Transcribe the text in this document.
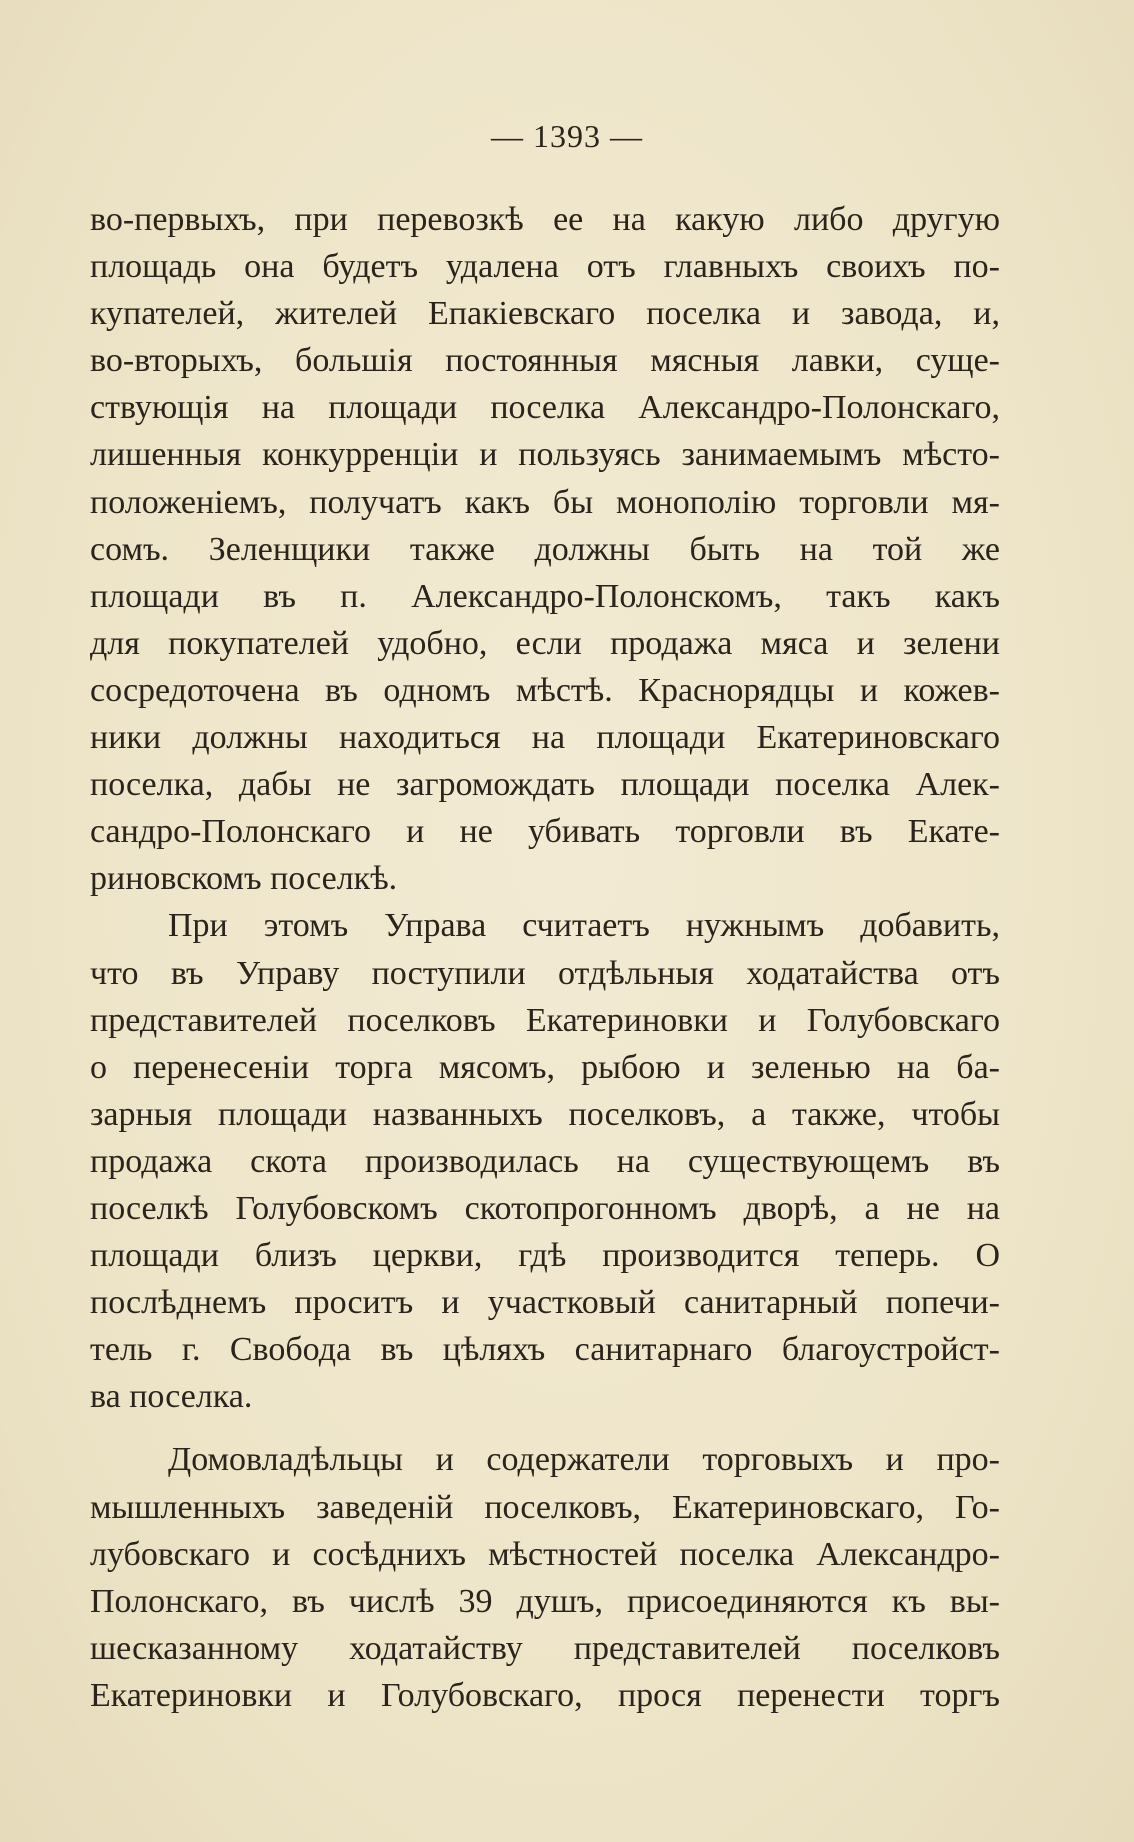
— 1393 —
во-первыхъ, при перевозкѣ ее на какую либо другую
площадь она будетъ удалена отъ главныхъ своихъ по-
купателей, жителей Епакіевскаго поселка и завода, и,
во-вторыхъ, большія постоянныя мясныя лавки, суще-
ствующія на площади поселка Александро-Полонскаго,
лишенныя конкурренціи и пользуясь занимаемымъ мѣсто-
положеніемъ, получатъ какъ бы монополію торговли мя-
сомъ. Зеленщики также должны быть на той же
площади въ п. Александро-Полонскомъ, такъ какъ
для покупателей удобно, если продажа мяса и зелени
сосредоточена въ одномъ мѣстѣ. Краснорядцы и кожев-
ники должны находиться на площади Екатериновскаго
поселка, дабы не загромождать площади поселка Алек-
сандро-Полонскаго и не убивать торговли въ Екате-
риновскомъ поселкѣ.
При этомъ Управа считаетъ нужнымъ добавить,
что въ Управу поступили отдѣльныя ходатайства отъ
представителей поселковъ Екатериновки и Голубовскаго
о перенесеніи торга мясомъ, рыбою и зеленью на ба-
зарныя площади названныхъ поселковъ, а также, чтобы
продажа скота производилась на существующемъ въ
поселкѣ Голубовскомъ скотопрогонномъ дворѣ, а не на
площади близъ церкви, гдѣ производится теперь. О
послѣднемъ проситъ и участковый санитарный попечи-
тель г. Свобода въ цѣляхъ санитарнаго благоустройст-
ва поселка.
Домовладѣльцы и содержатели торговыхъ и про-
мышленныхъ заведеній поселковъ, Екатериновскаго, Го-
лубовскаго и сосѣднихъ мѣстностей поселка Александро-
Полонскаго, въ числѣ 39 душъ, присоединяются къ вы-
шесказанному ходатайству представителей поселковъ
Екатериновки и Голубовскаго, прося перенести торгъ
